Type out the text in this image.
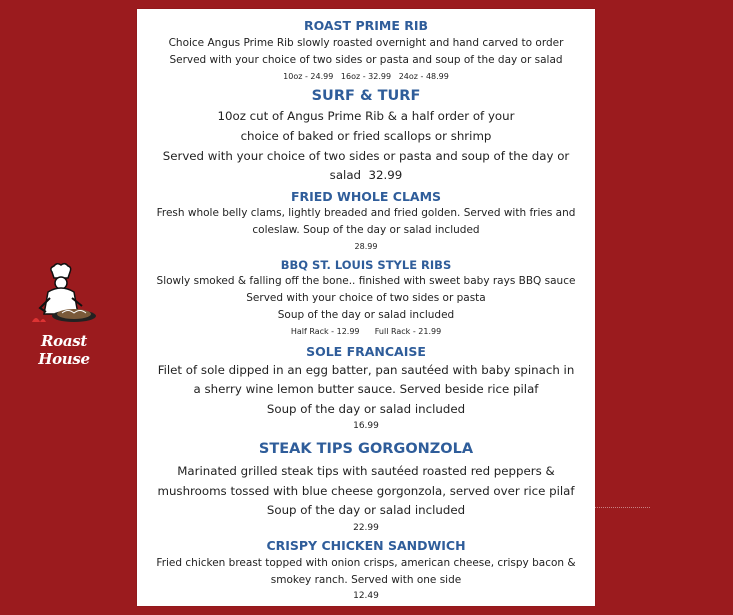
Roast House
ROAST PRIME RIB
Choice Angus Prime Rib slowly roasted overnight and hand carved to order
Served with your choice of two sides or pasta and soup of the day or salad
10oz - 24.99   16oz - 32.99   24oz - 48.99
SURF & TURF
10oz cut of Angus Prime Rib & a half order of your
choice of baked or fried scallops or shrimp
Served with your choice of two sides or pasta and soup of the day or
salad  32.99
FRIED WHOLE CLAMS
Fresh whole belly clams, lightly breaded and fried golden. Served with fries and
coleslaw. Soup of the day or salad included
28.99
BBQ ST. LOUIS STYLE RIBS
Slowly smoked & falling off the bone.. finished with sweet baby rays BBQ sauce
Served with your choice of two sides or pasta
Soup of the day or salad included
Half Rack - 12.99      Full Rack - 21.99
SOLE FRANCAISE
Filet of sole dipped in an egg batter, pan sautéed with baby spinach in
a sherry wine lemon butter sauce. Served beside rice pilaf
Soup of the day or salad included
16.99
STEAK TIPS GORGONZOLA
Marinated grilled steak tips with sautéed roasted red peppers &
mushrooms tossed with blue cheese gorgonzola, served over rice pilaf
Soup of the day or salad included
22.99
CRISPY CHICKEN SANDWICH
Fried chicken breast topped with onion crisps, american cheese, crispy bacon &
smokey ranch. Served with one side
12.49
menupix
